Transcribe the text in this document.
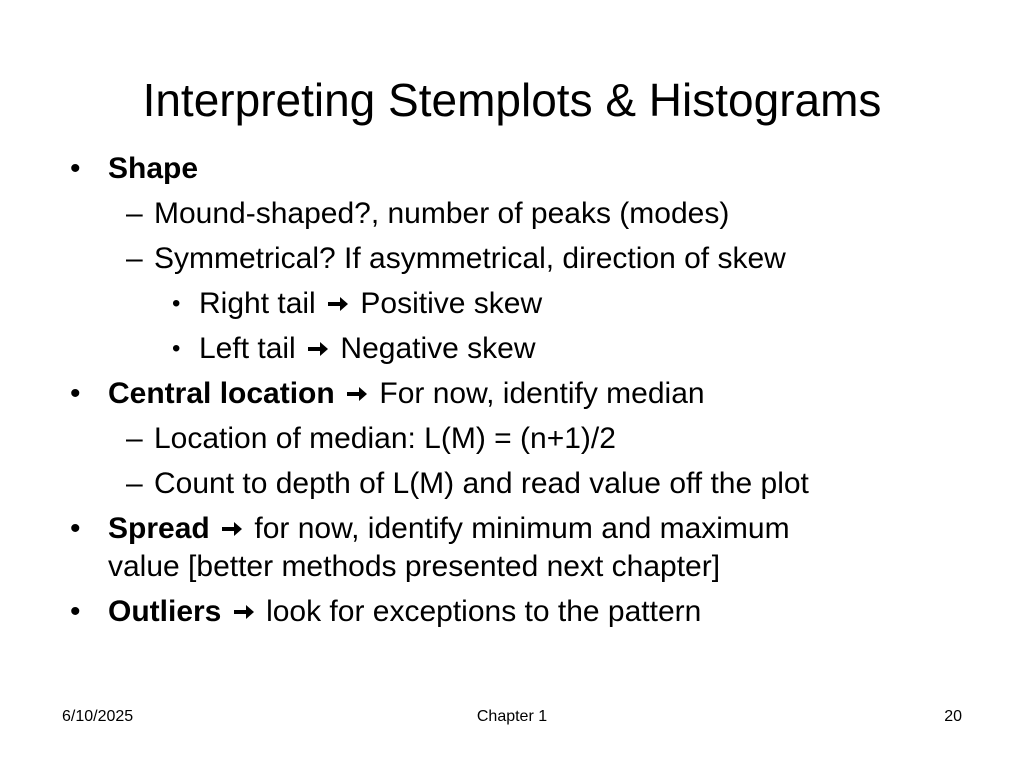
Interpreting Stemplots & Histograms
• Shape
– Mound-shaped?, number of peaks (modes)
– Symmetrical? If asymmetrical, direction of skew
• Right tail Positive skew
• Left tail Negative skew
• Central location For now, identify median
– Location of median: L(M) = (n+1)/2
– Count to depth of L(M) and read value off the plot
• Spread for now, identify minimum and maximum
value [better methods presented next chapter]
• Outliers look for exceptions to the pattern
6/10/2025	Chapter 1	20
